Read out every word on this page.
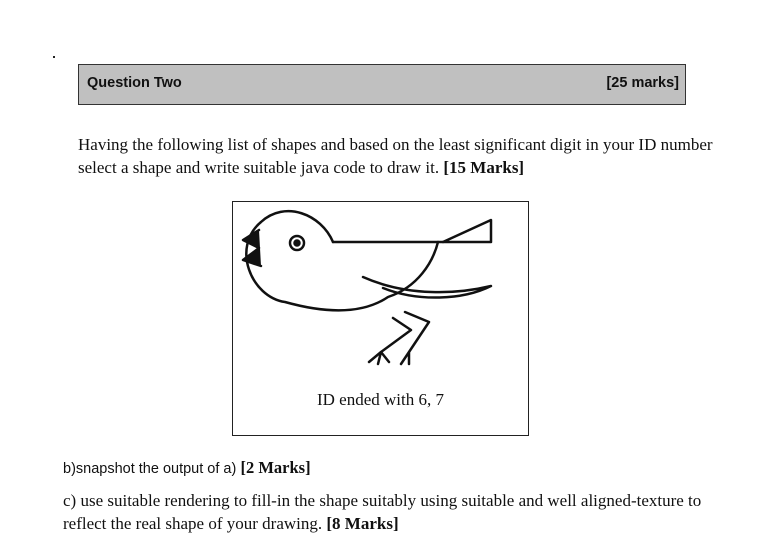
Question Two	[25 marks]
Having the following list of shapes and based on the least significant digit in your ID number select a shape and write suitable java code to draw it. [15 Marks]
ID ended with 6, 7
b)snapshot the output of a) [2 Marks]
c) use suitable rendering to fill-in the shape suitably using suitable and well aligned-texture to reflect the real shape of your drawing. [8 Marks]
